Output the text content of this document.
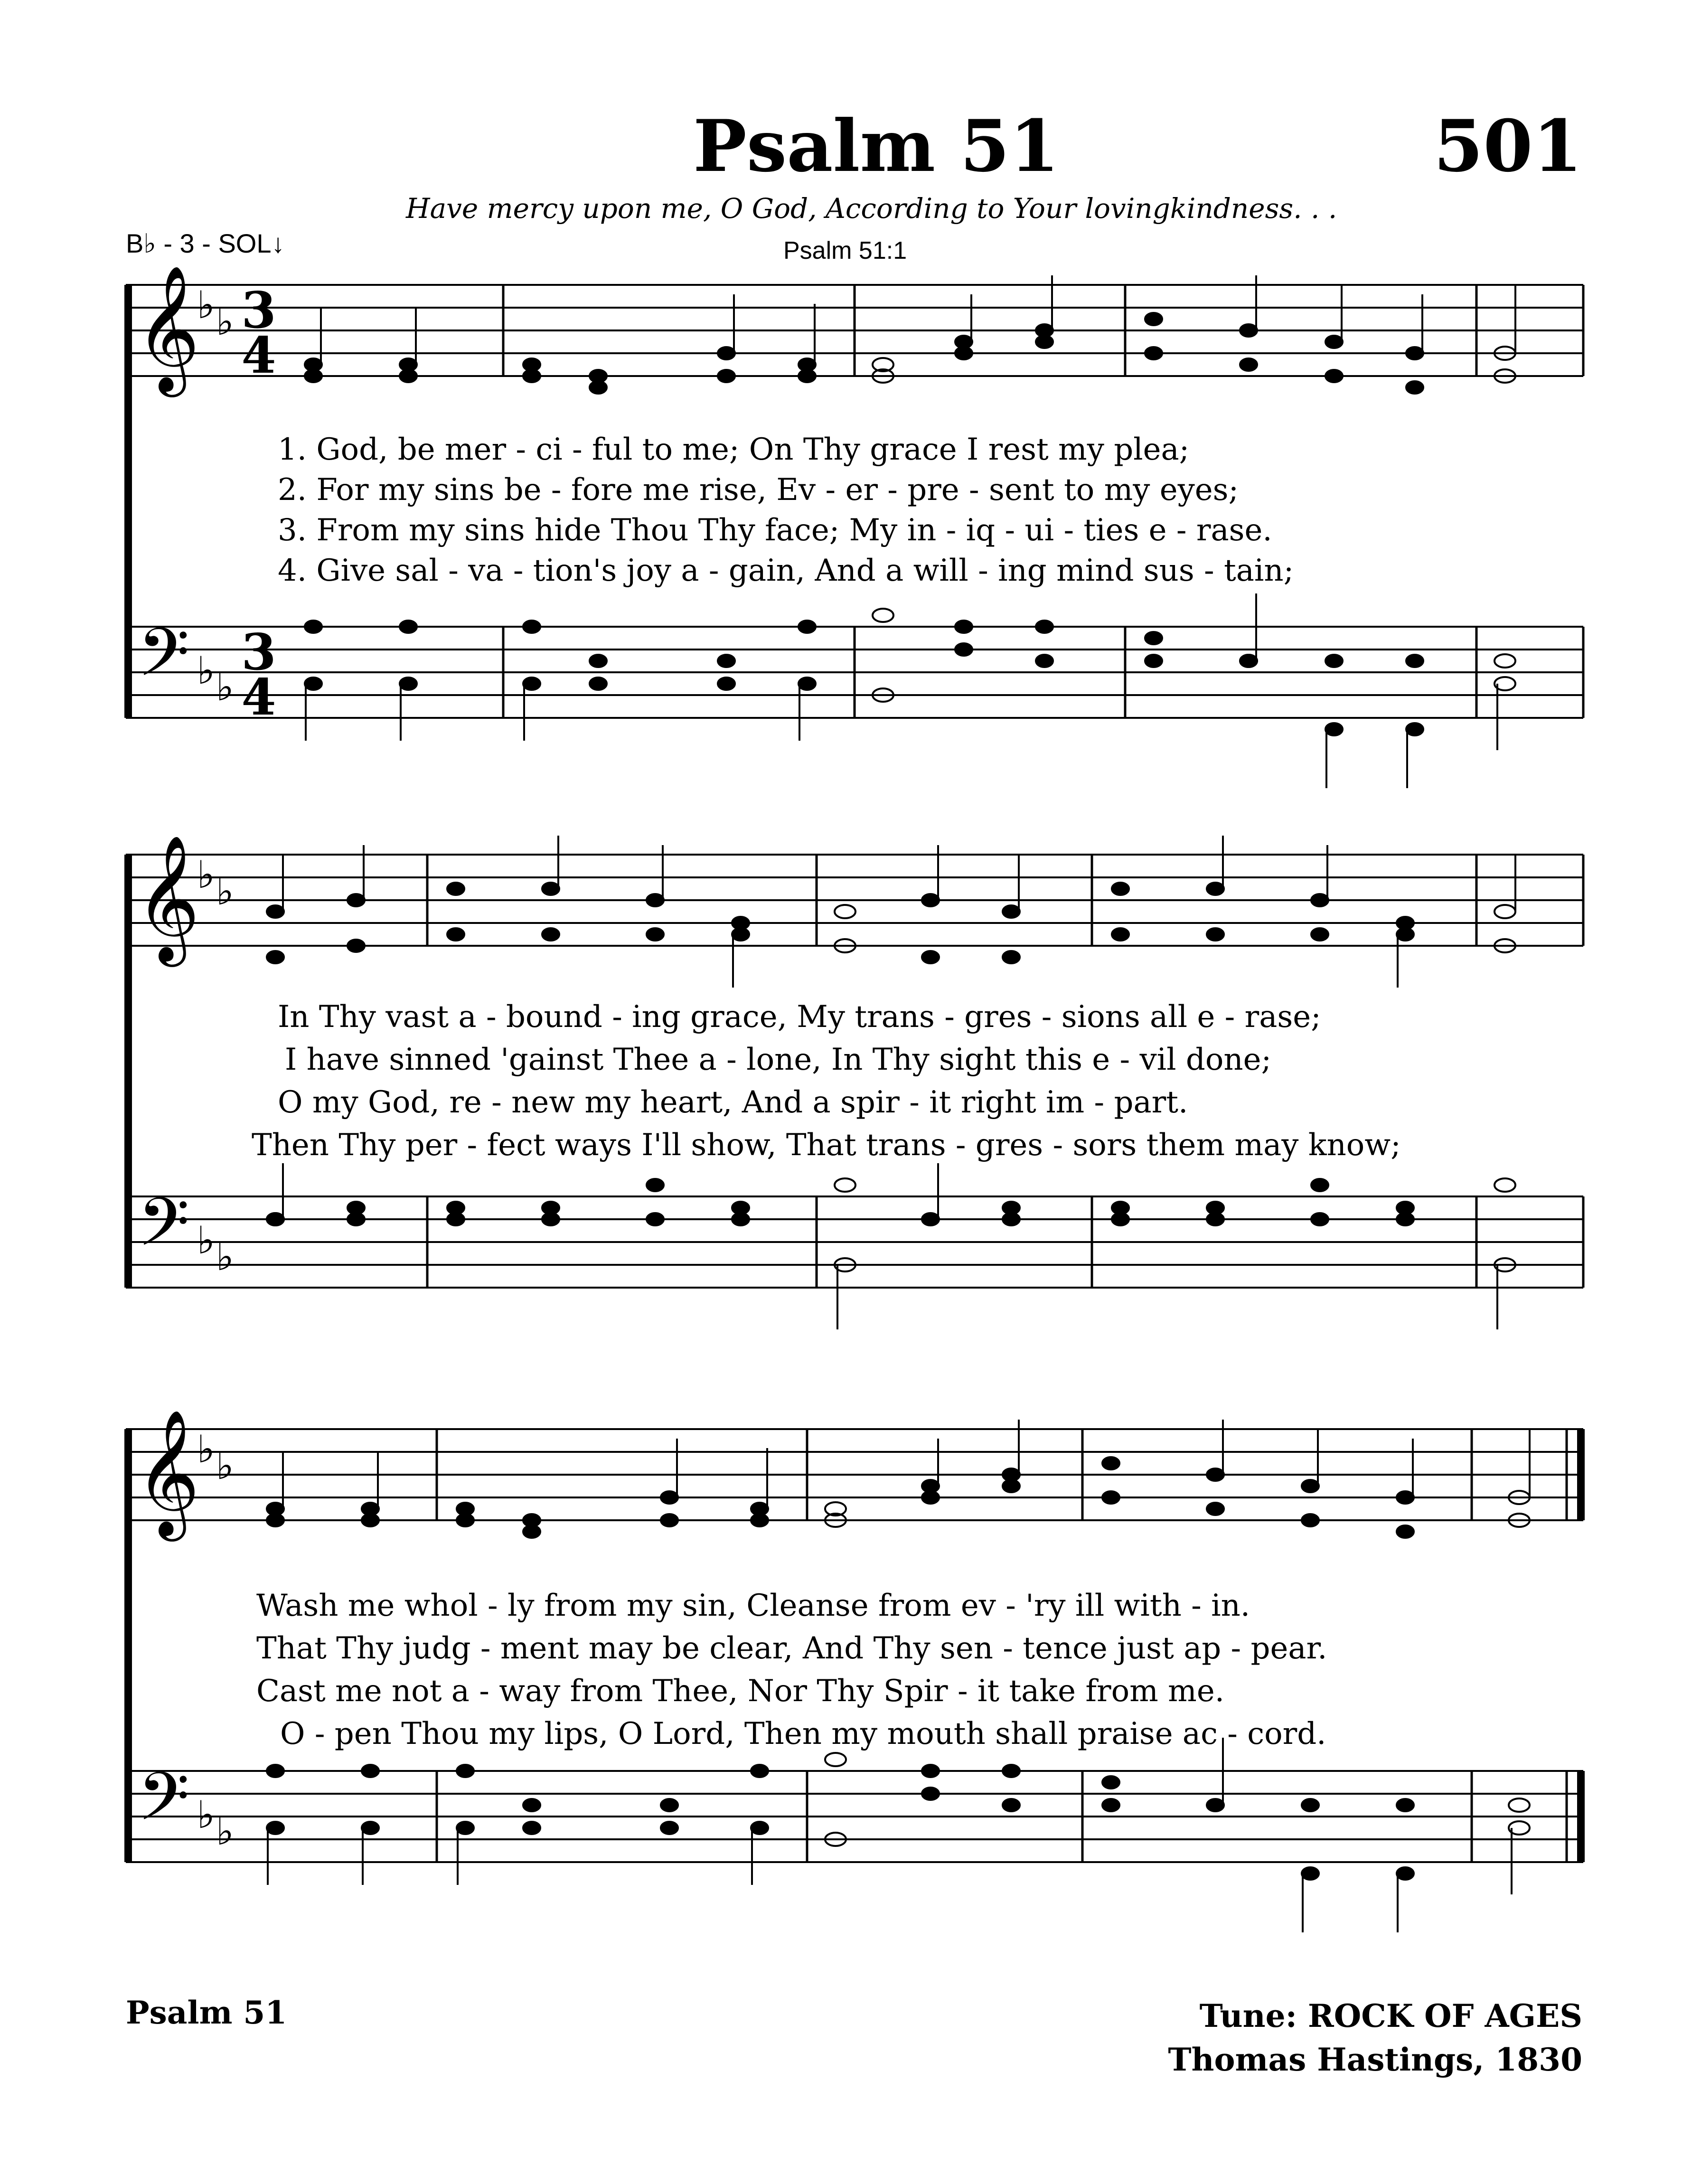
Psalm 51	501
Have mercy upon me, O God, According to Your lovingkindness. . .
Psalm 51:1
B♭ - 3 - SOL↓
𝄞
𝄢
♭ ♭
♭ ♭
3
4
3
4
1. God, be mer - ci - ful to me; On Thy grace I rest my plea;
2. For my sins be - fore me rise, Ev - er - pre - sent to my eyes;
3. From my sins hide Thou Thy face; My in - iq - ui - ties e - rase.
4. Give sal - va - tion's joy a - gain, And a will - ing mind sus - tain;
𝄞
𝄢
♭ ♭
♭ ♭
In Thy vast a - bound - ing grace, My trans - gres - sions all e - rase;
I have sinned 'gainst Thee a - lone, In Thy sight this e - vil done;
O my God, re - new my heart, And a spir - it right im - part.
Then Thy per - fect ways I'll show, That trans - gres - sors them may know;
𝄞
𝄢
♭ ♭
♭ ♭
Wash me whol - ly from my sin, Cleanse from ev - 'ry ill with - in.
That Thy judg - ment may be clear, And Thy sen - tence just ap - pear.
Cast me not a - way from Thee, Nor Thy Spir - it take from me.
O - pen Thou my lips, O Lord, Then my mouth shall praise ac - cord.
Psalm 51	Tune: ROCK OF AGES
Thomas Hastings, 1830
